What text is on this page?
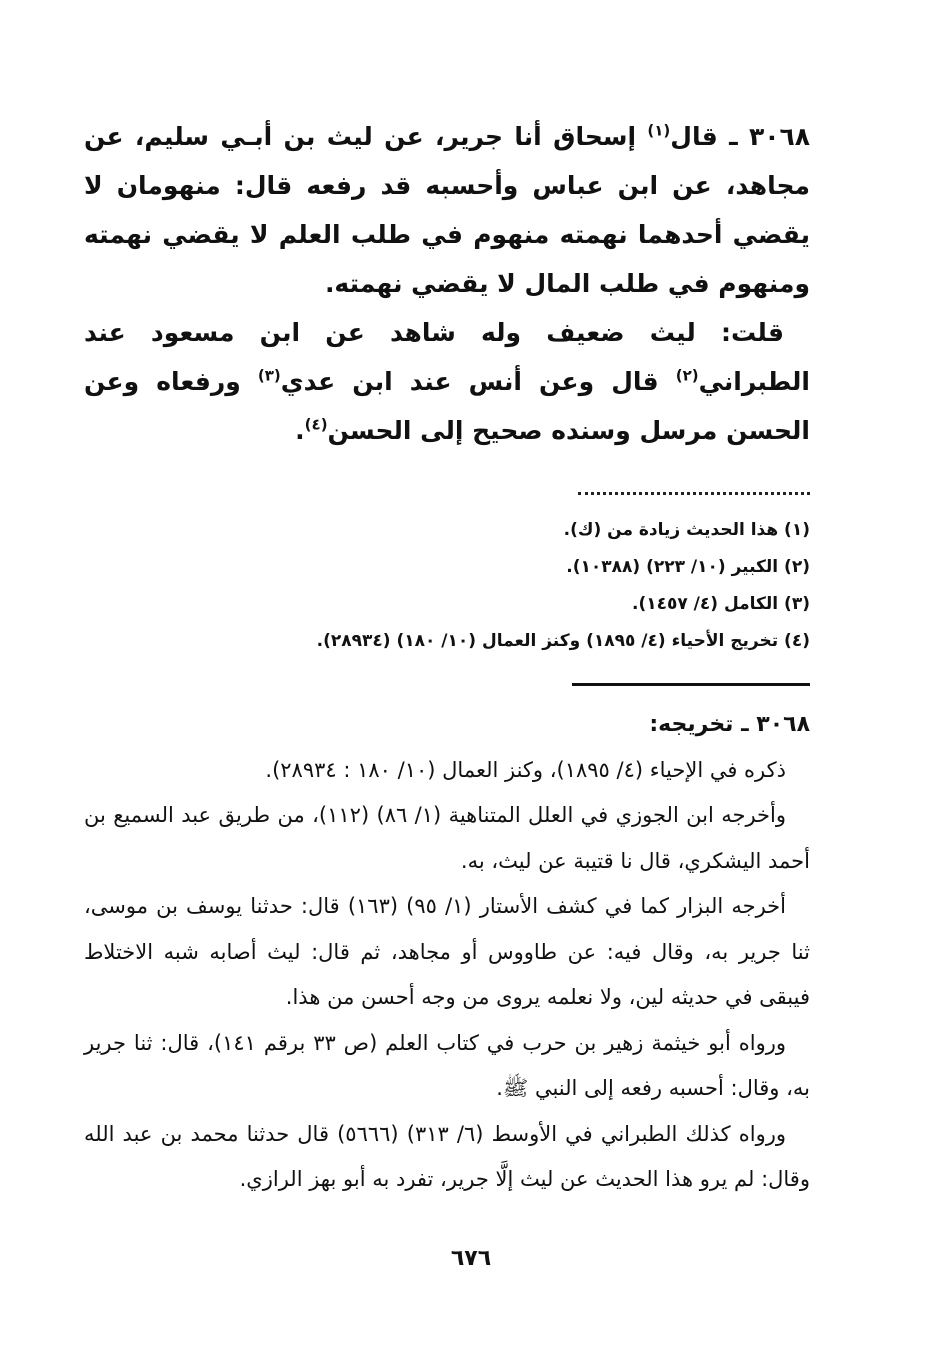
٣٠٦٨ ـ قال$^{(١)}$ إسحاق أنا جرير، عن ليث بن أبـي سليم، عن مجاهد، عن ابن عباس وأحسبه قد رفعه قال: منهومان لا يقضي أحدهما نهمته منهوم في طلب العلم لا يقضي نهمته ومنهوم في طلب المال لا يقضي نهمته.

قلت: ليث ضعيف وله شاهد عن ابن مسعود عند الطبراني$^{(٢)}$ قال وعن أنس عند ابن عدي$^{(٣)}$ ورفعاه وعن الحسن مرسل وسنده صحيح إلى الحسن$^{(٤)}$.

(١) هذا الحديث زيادة من (ك).

(٢) الكبير (١٠/ ٢٢٣) (١٠٣٨٨).

(٣) الكامل (٤/ ١٤٥٧).

(٤) تخريج الأحياء (٤/ ١٨٩٥) وكنز العمال (١٠/ ١٨٠) (٢٨٩٣٤).

٣٠٦٨ ـ تخريجه:

ذكره في الإحياء (٤/ ١٨٩٥)، وكنز العمال (١٠/ ١٨٠ : ٢٨٩٣٤).

وأخرجه ابن الجوزي في العلل المتناهية (١/ ٨٦) (١١٢)، من طريق عبد السميع بن أحمد اليشكري، قال نا قتيبة عن ليث، به.

أخرجه البزار كما في كشف الأستار (١/ ٩٥) (١٦٣) قال: حدثنا يوسف بن موسى، ثنا جرير به، وقال فيه: عن طاووس أو مجاهد، ثم قال: ليث أصابه شبه الاختلاط فيبقى في حديثه لين، ولا نعلمه يروى من وجه أحسن من هذا.

ورواه أبو خيثمة زهير بن حرب في كتاب العلم (ص ٣٣ برقم ١٤١)، قال: ثنا جرير به، وقال: أحسبه رفعه إلى النبي ﷺ.

ورواه كذلك الطبراني في الأوسط (٦/ ٣١٣) (٥٦٦٦) قال حدثنا محمد بن عبد الله وقال: لم يرو هذا الحديث عن ليث إلَّا جرير، تفرد به أبو بهز الرازي.

٦٧٦
